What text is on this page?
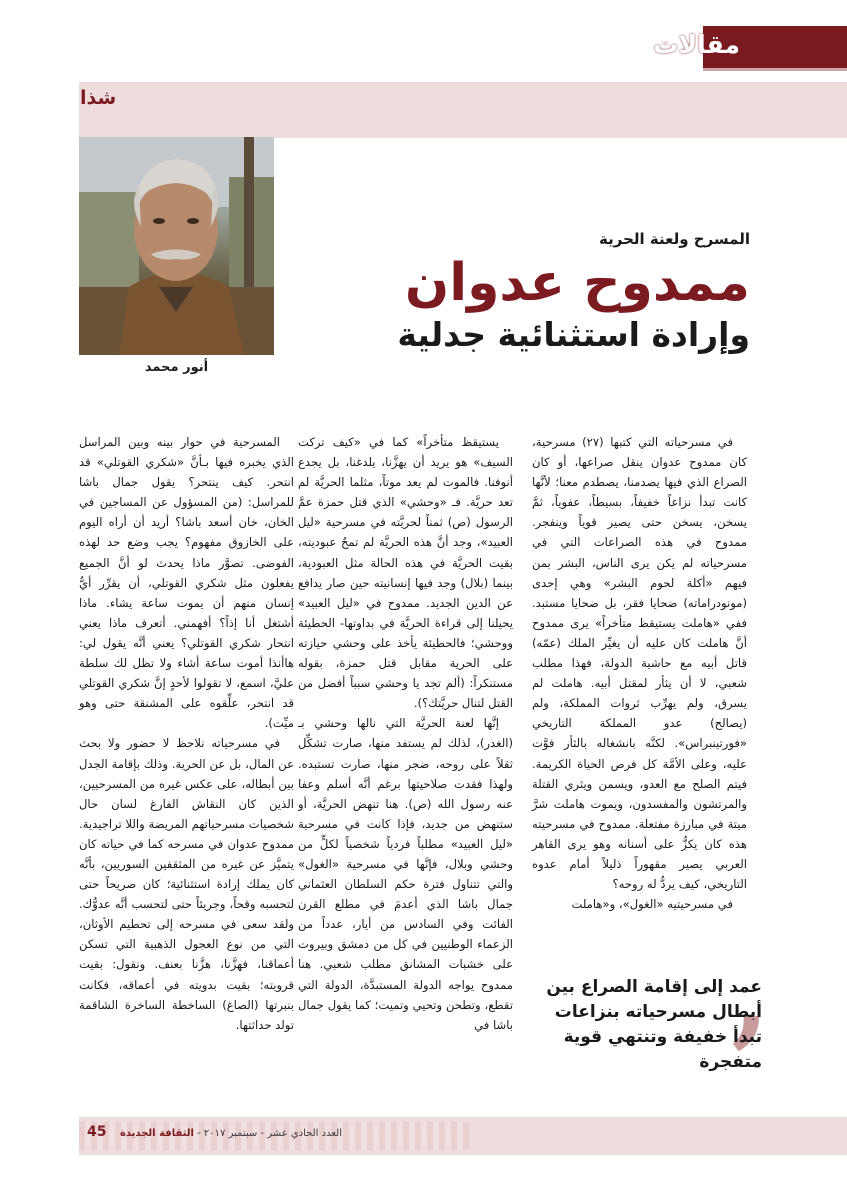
مقالات
شذا
أنور محمد
المسرح ولعنة الحرية
ممدوح عدوان
وإرادة استثنائية جدلية

في مسرحياته التي كتبها (٢٧) مسرحية، كان ممدوح عدوان ينقل صراعها، أو كان الصراع الذي فيها يصدمنا، يصطدم معنا؛ لأنَّها كانت تبدأ نزاعاً خفيفاً، بسيطاً، عفوياً، ثمَّ يسخن، يسخن حتى يصير قوياً وينفجر. ممدوح في هذه الصراعات التي في مسرحياته لم يكن يرى الناس، البشر بمن فيهم «أكلة لحوم البشر» وهي إحدى (مونودراماته) ضحايا فقر، بل ضحايا مستبد. ففي «هاملت يستيقظ متأخراً» يرى ممدوح أنَّ هاملت كان عليه أن يغيِّر الملك (عمّه) قاتل أبيه مع حاشية الدولة، فهذا مطلب شعبي، لا أن يثأر لمقتل أبيه. هاملت لم يسرق، ولم يهرِّب ثروات المملكة، ولم (يصالح) عدو المملكة التاريخي «فورتينبراس». لكنَّه بانشغاله بالثأر فوَّت عليه، وعلى الأمَّة كل فرص الحياة الكريمة. فيتم الصلح مع العدو، ويسمن ويثري القتلة والمرتشون والمفسدون، ويموت هاملت شرَّ ميتة في مبارزة مفتعلة. ممدوح في مسرحيته هذه كان يكزُّ على أسنانه وهو يرى القاهر العربي يصير مقهوراً ذليلاً أمام عدوه التاريخي، كيف يردُّ له روحه؟

في مسرحيتيه «الغول»، و«هاملت

يستيقظ متأخراً» كما في «كيف تركت السيف» هو يريد أن يهزَّنا، يلدغنا، بل يجدع أنوفنا. فالموت لم يعد موتاً، مثلما الحريَّة لم تعد حريَّة. فـ «وحشي» الذي قتل حمزة عمَّ الرسول (ص) ثمناً لحريَّته في مسرحية «ليل العبيد»، وجد أنَّ هذه الحريَّة لم تمحُ عبوديته، بقيت الحريَّة في هذه الحالة مثل العبودية، بينما (بلال) وجد فيها إنسانيته حين صار يدافع عن الدين الجديد. ممدوح في «ليل العبيد» يحيلنا إلى قراءة الحريَّة في بداوتها- الحطيئة ووحشي؛ فالحطيئة يأخذ على وحشي حيازته على الحرية مقابل قتل حمزة، بقوله مستنكراً: (ألم تجد يا وحشي سبباً أفضل من القتل لتنال حريَّتك؟).

إنَّها لعنة الحريَّة التي نالها وحشي بـ (الغدر)، لذلك لم يستفد منها، صارت تشكِّل ثقلاً على روحه، ضجر منها، صارت تستبده. ولهذا فقدت صلاحيتها برغم أنَّه أسلم وعفا عنه رسول الله (ص). هنا تنهض الحريَّة، أو ستنهض من جديد، فإذا كانت في مسرحية «ليل العبيد» مطلباً فردياً شخصياً لكلٍّ من وحشي وبلال، فإنَّها في مسرحية «الغول» والتي تتناول فترة حكم السلطان العثماني جمال باشا الذي أعدمَ في مطلع القرن الفائت وفي السادس من أيار، عدداً من الزعماء الوطنيين في كل من دمشق وبيروت على خشبات المشانق مطلب شعبي. هنا ممدوح يواجه الدولة المستبدَّة، الدولة التي تقطع، وتطحن وتحيي وتميت؛ كما يقول جمال باشا في

المسرحية في حوار بينه وبين المراسل الذي يخبره فيها بـأنَّ «شكري القوتلي» قد انتحر. كيف ينتحر؟ يقول جمال باشا للمراسل: (من المسؤول عن المساجين في الخان، خان أسعد باشا؟ أريد أن أراه اليوم على الخازوق مفهوم؟ يجب وضع حد لهذه الفوضى. تصوَّر ماذا يحدث لو أنَّ الجميع يفعلون مثل شكري القوتلي، أن يقرِّر أيُّ إنسان منهم أن يموت ساعة يشاء. ماذا أشتغل أنا إذاً؟ أفهمني. أتعرف ماذا يعني انتحار شكري القوتلي؟ يعني أنَّه يقول لي: هاأنذا أموت ساعة أشاء ولا تظل لك سلطة عليَّ، اسمع، لا تقولوا لأحدٍ إنَّ شكري القوتلي قد انتحر، علِّقوه على المشنقة حتى وهو ميِّت).

في مسرحياته نلاحظ لا حضور ولا بحث عن المال، بل عن الحرية. وذلك بإقامة الجدل بين أبطاله، على عكس غيره من المسرحيين، الذين كان النقاش الفارغ لسان حال شخصيات مسرحياتهم المريضة واللا تراجيدية. ممدوح عدوان في مسرحه كما في حياته كان يتميَّز عن غيره من المثقفين السوريين، بأنَّه كان يملك إرادة استثنائية؛ كان صريحاً حتى لتحسبه وقحاً، وجريئاً حتى لتحسب أنَّه عدوُّك. ولقد سعى في مسرحه إلى تحطيم الأوثان، التي من نوع العجول الذهبية التي تسكن أعماقنا، فهزَّنا، هزَّنا بعنف. ونقول: بقيت قرويته؛ بقيت بدويته في أعماقه، فكانت بنبرتها (الصاغ) الساخطة الساخرة الشاقمة تولد حداثتها.	,
عمد إلى إقامة الصراع بين أبطال مسرحياته بنزاعات تبدأ خفيفة وتنتهي قوية متفجرة
45	العدد الحادي عشر - سبتمبر ٢٠١٧ - الثقافة الجديدة
